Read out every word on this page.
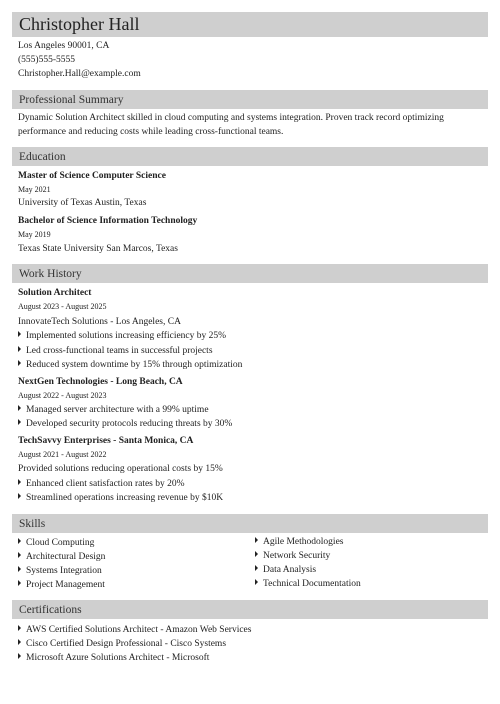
Christopher Hall
Los Angeles 90001, CA
(555)555-5555
Christopher.Hall@example.com
Professional Summary
Dynamic Solution Architect skilled in cloud computing and systems integration. Proven track record optimizing
performance and reducing costs while leading cross-functional teams.
Education
Master of Science Computer Science
May 2021
University of Texas Austin, Texas
Bachelor of Science Information Technology
May 2019
Texas State University San Marcos, Texas
Work History
Solution Architect
August 2023 - August 2025
InnovateTech Solutions - Los Angeles, CA
Implemented solutions increasing efficiency by 25%
Led cross-functional teams in successful projects
Reduced system downtime by 15% through optimization
NextGen Technologies - Long Beach, CA
August 2022 - August 2023
Managed server architecture with a 99% uptime
Developed security protocols reducing threats by 30%
TechSavvy Enterprises - Santa Monica, CA
August 2021 - August 2022
Provided solutions reducing operational costs by 15%
Enhanced client satisfaction rates by 20%
Streamlined operations increasing revenue by $10K
Skills
Cloud Computing
Architectural Design
Systems Integration
Project Management
Agile Methodologies
Network Security
Data Analysis
Technical Documentation
Certifications
AWS Certified Solutions Architect - Amazon Web Services
Cisco Certified Design Professional - Cisco Systems
Microsoft Azure Solutions Architect - Microsoft
